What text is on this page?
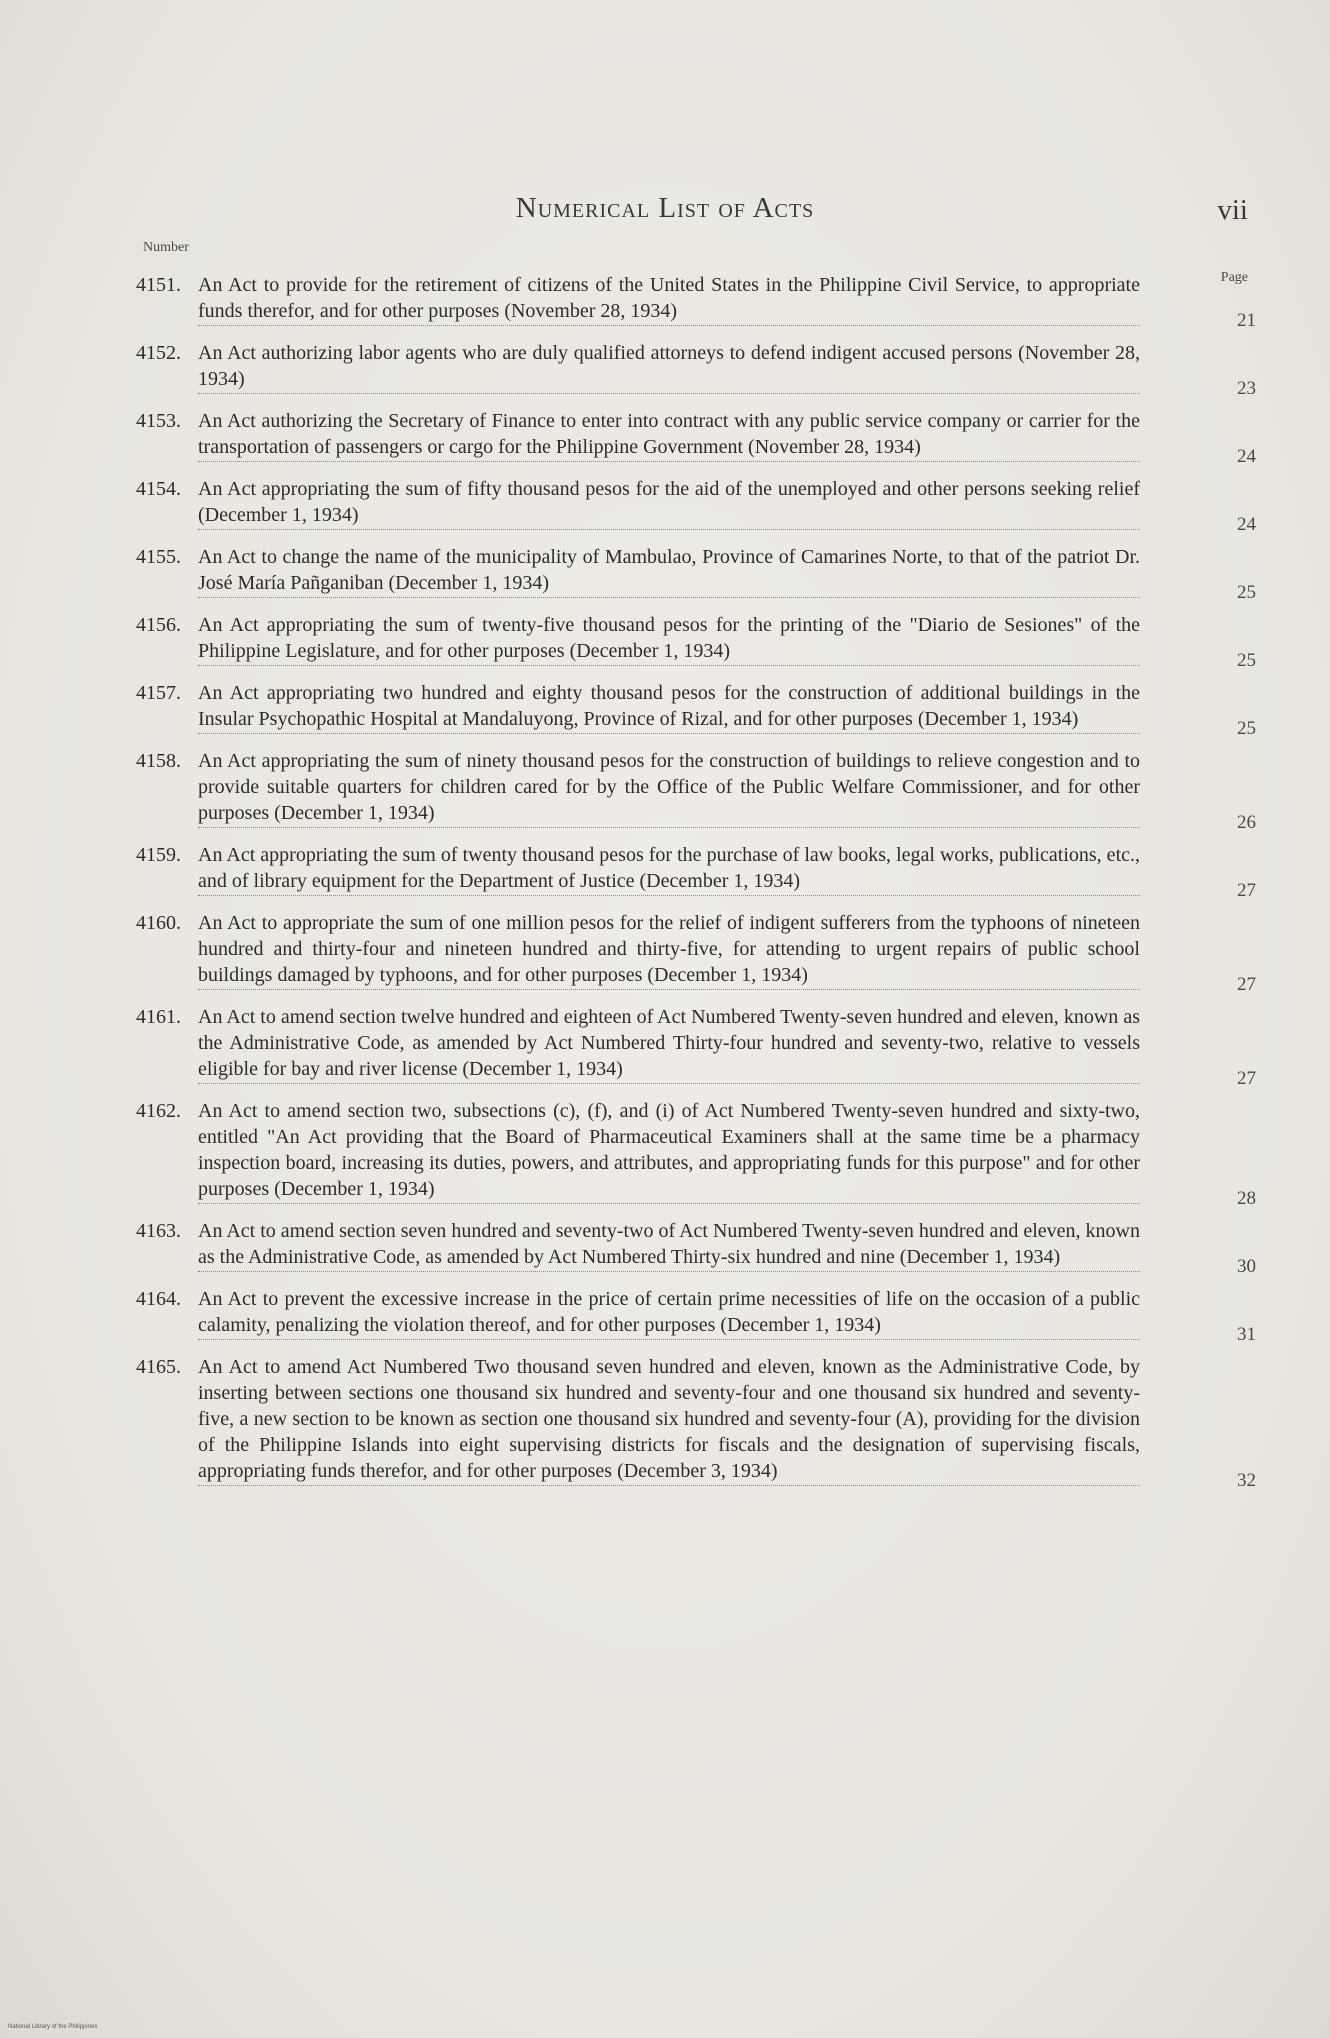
Numerical List of Acts	vii
Number
Page
4151. An Act to provide for the retirement of citizens of the United States in the Philippine Civil Service, to appropriate funds therefor, and for other purposes (November 28, 1934)	21
4152. An Act authorizing labor agents who are duly qualified attorneys to defend indigent accused persons (November 28, 1934)	23
4153. An Act authorizing the Secretary of Finance to enter into contract with any public service company or carrier for the transportation of passengers or cargo for the Philippine Government (November 28, 1934)	24
4154. An Act appropriating the sum of fifty thousand pesos for the aid of the unemployed and other persons seeking relief (December 1, 1934)	24
4155. An Act to change the name of the municipality of Mambulao, Province of Camarines Norte, to that of the patriot Dr. José María Pañganiban (December 1, 1934)	25
4156. An Act appropriating the sum of twenty-five thousand pesos for the printing of the "Diario de Sesiones" of the Philippine Legislature, and for other purposes (December 1, 1934)	25
4157. An Act appropriating two hundred and eighty thousand pesos for the construction of additional buildings in the Insular Psychopathic Hospital at Mandaluyong, Province of Rizal, and for other purposes (December 1, 1934)	25
4158. An Act appropriating the sum of ninety thousand pesos for the construction of buildings to relieve congestion and to provide suitable quarters for children cared for by the Office of the Public Welfare Commissioner, and for other purposes (December 1, 1934)	26
4159. An Act appropriating the sum of twenty thousand pesos for the purchase of law books, legal works, publications, etc., and of library equipment for the Department of Justice (December 1, 1934)	27
4160. An Act to appropriate the sum of one million pesos for the relief of indigent sufferers from the typhoons of nineteen hundred and thirty-four and nineteen hundred and thirty-five, for attending to urgent repairs of public school buildings damaged by typhoons, and for other purposes (December 1, 1934)	27
4161. An Act to amend section twelve hundred and eighteen of Act Numbered Twenty-seven hundred and eleven, known as the Administrative Code, as amended by Act Numbered Thirty-four hundred and seventy-two, relative to vessels eligible for bay and river license (December 1, 1934)	27
4162. An Act to amend section two, subsections (c), (f), and (i) of Act Numbered Twenty-seven hundred and sixty-two, entitled "An Act providing that the Board of Pharmaceutical Examiners shall at the same time be a pharmacy inspection board, increasing its duties, powers, and attributes, and appropriating funds for this purpose" and for other purposes (December 1, 1934)	28
4163. An Act to amend section seven hundred and seventy-two of Act Numbered Twenty-seven hundred and eleven, known as the Administrative Code, as amended by Act Numbered Thirty-six hundred and nine (December 1, 1934)	30
4164. An Act to prevent the excessive increase in the price of certain prime necessities of life on the occasion of a public calamity, penalizing the violation thereof, and for other purposes (December 1, 1934)	31
4165. An Act to amend Act Numbered Two thousand seven hundred and eleven, known as the Administrative Code, by inserting between sections one thousand six hundred and seventy-four and one thousand six hundred and seventy-five, a new section to be known as section one thousand six hundred and seventy-four (A), providing for the division of the Philippine Islands into eight supervising districts for fiscals and the designation of supervising fiscals, appropriating funds therefor, and for other purposes (December 3, 1934)	32
National Library of the Philippines
